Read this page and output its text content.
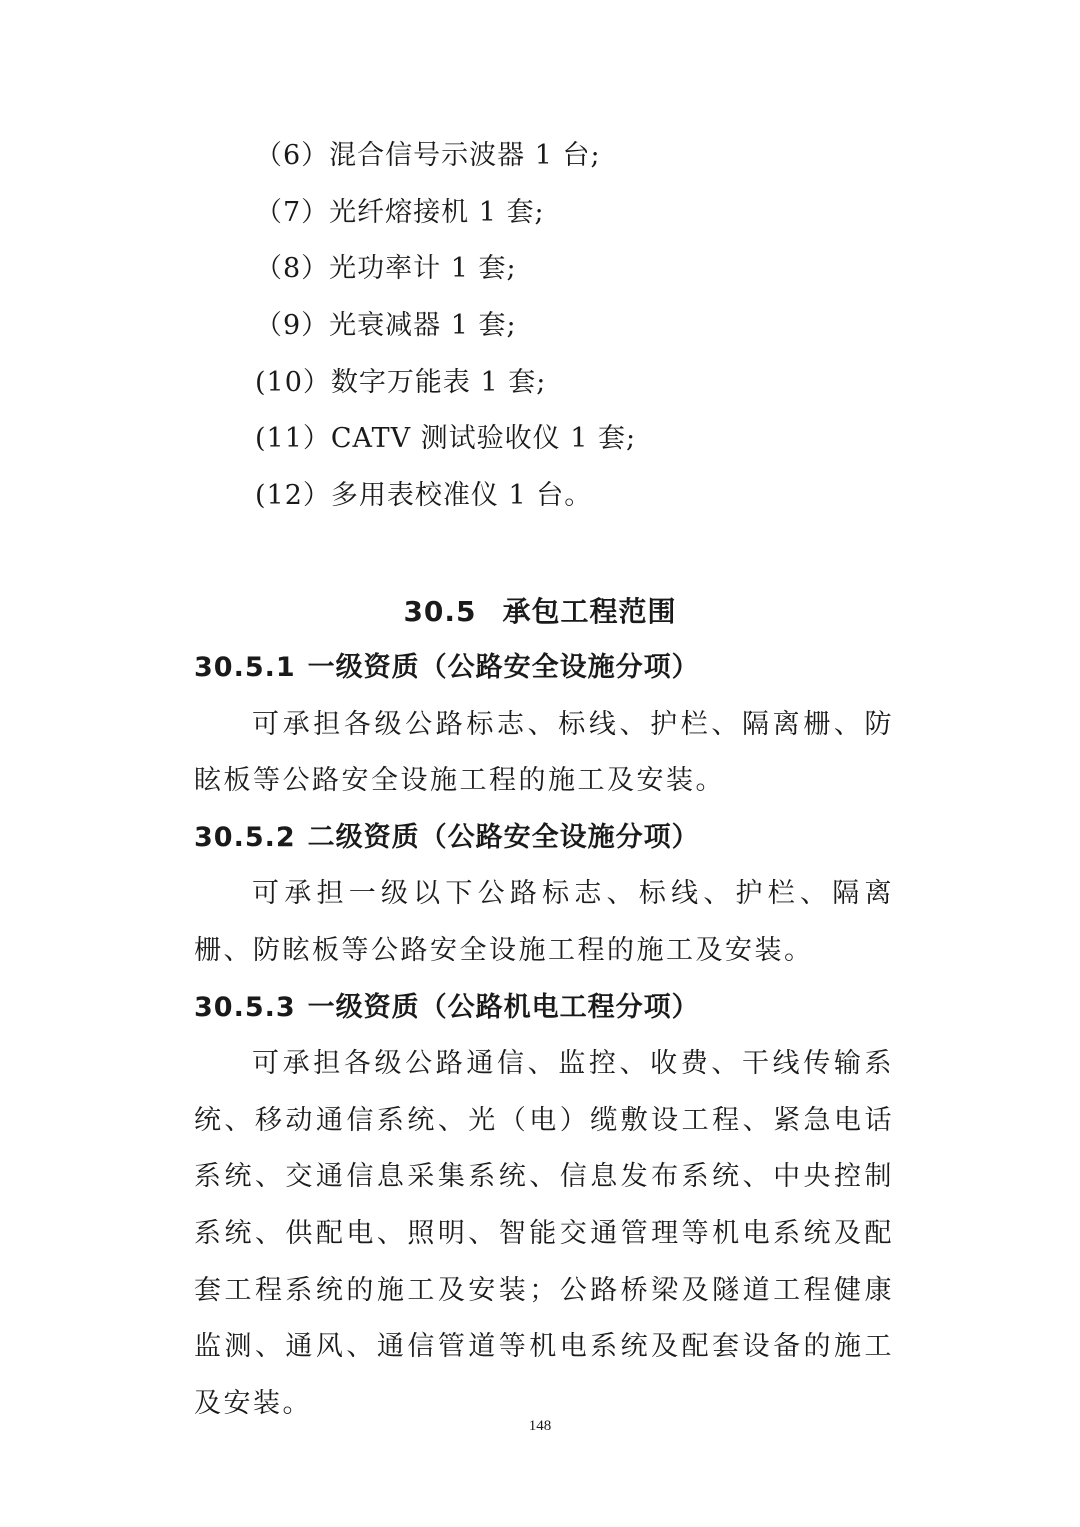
（6）混合信号示波器 1 台;
（7）光纤熔接机 1 套;
（8）光功率计 1 套;
（9）光衰减器 1 套;
(10）数字万能表 1 套;
(11）CATV 测试验收仪 1 套;
(12）多用表校准仪 1 台。
30.5 承包工程范围
30.5.1 一级资质（公路安全设施分项）

可承担各级公路标志、标线、护栏、隔离栅、防眩板等公路安全设施工程的施工及安装。

30.5.2 二级资质（公路安全设施分项）

可承担一级以下公路标志、标线、护栏、隔离栅、防眩板等公路安全设施工程的施工及安装。

30.5.3 一级资质（公路机电工程分项）

可承担各级公路通信、监控、收费、干线传输系统、移动通信系统、光（电）缆敷设工程、紧急电话系统、交通信息采集系统、信息发布系统、中央控制系统、供配电、照明、智能交通管理等机电系统及配套工程系统的施工及安装；公路桥梁及隧道工程健康监测、通风、通信管道等机电系统及配套设备的施工及安装。

148
